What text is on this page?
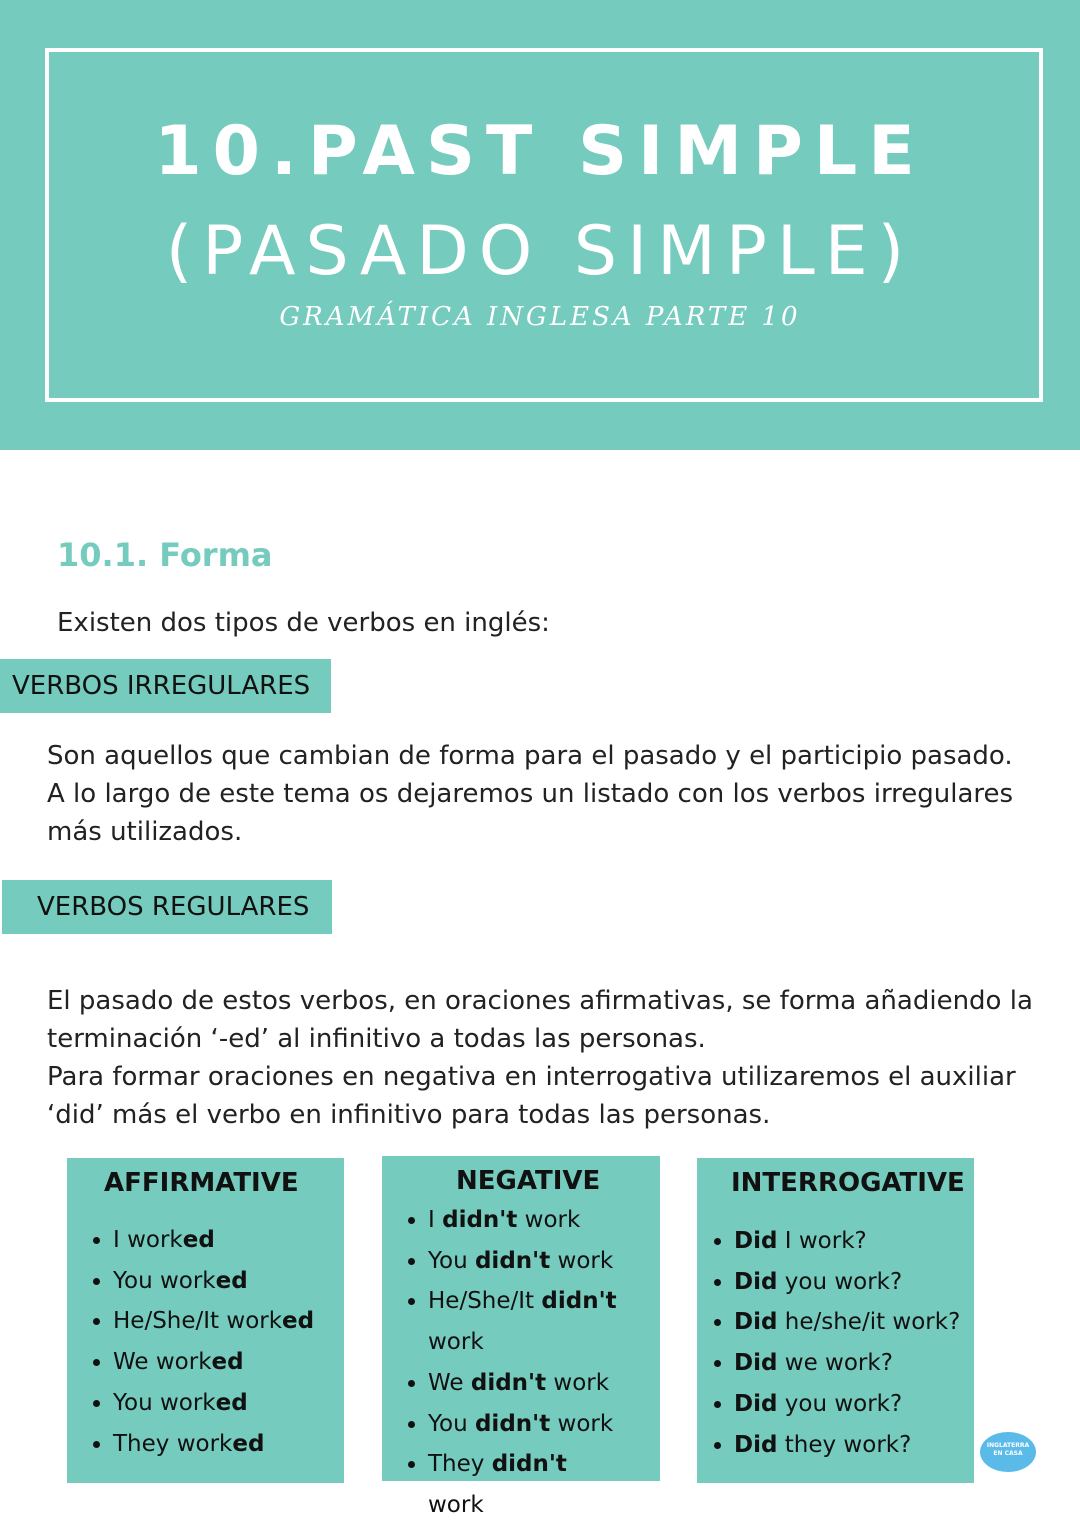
10.PAST SIMPLE
(PASADO SIMPLE)
GRAMÁTICA INGLESA PARTE 10
10.1. Forma
Existen dos tipos de verbos en inglés:
VERBOS IRREGULARES
Son aquellos que cambian de forma para el pasado y el participio pasado. A lo largo de este tema os dejaremos un listado con los verbos irregulares más utilizados.
VERBOS REGULARES
El pasado de estos verbos, en oraciones afirmativas, se forma añadiendo la terminación ‘-ed’ al infinitivo a todas las personas.
Para formar oraciones en negativa en interrogativa utilizaremos el auxiliar ‘did’ más el verbo en infinitivo para todas las personas.
AFFIRMATIVE
• I worked
• You worked
• He/She/It worked
• We worked
• You worked
• They worked
NEGATIVE
• I didn't work
• You didn't work
• He/She/It didn't work
• We didn't work
• You didn't work
• They didn't work
INTERROGATIVE
• Did I work?
• Did you work?
• Did he/she/it work?
• Did we work?
• Did you work?
• Did they work?	INGLATERRA
EN CASA
